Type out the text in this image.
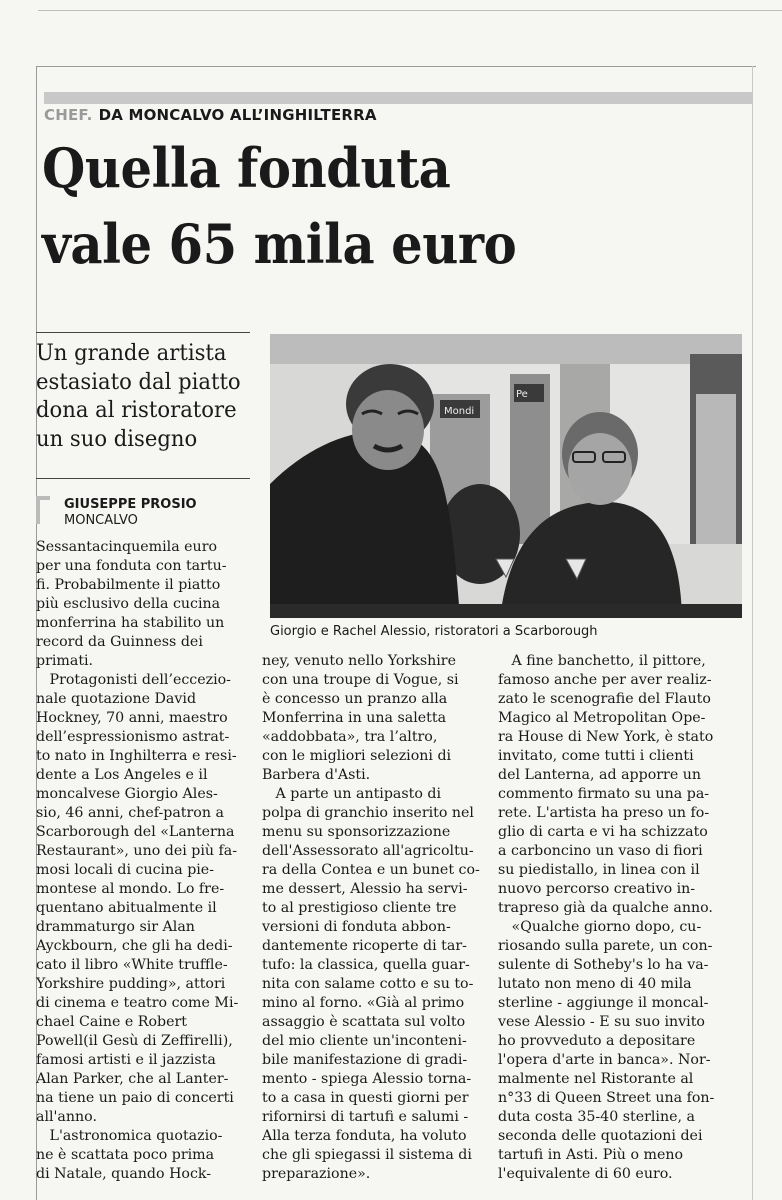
CHEF. DA MONCALVO ALL’INGHILTERRA
Quella fonduta
vale 65 mila euro
Un grande artista
estasiato dal piatto
dona al ristoratore
un suo disegno
GIUSEPPE PROSIO
MONCALVO
Mondi
Pe
Giorgio e Rachel Alessio, ristoratori a Scarborough

Sessantacinquemila euro

per una fonduta con tartu-

fi. Probabilmente il piatto

più esclusivo della cucina

monferrina ha stabilito un

record da Guinness dei

primati.

Protagonisti dell’ecceziο-

nale quotazione David

Hockney, 70 anni, maestro

dell’espressionismo astrat-

to nato in Inghilterra e resi-

dente a Los Angeles e il

moncalvese Giorgio Ales-

sio, 46 anni, chef-patron a

Scarborough del «Lanterna

Restaurant», uno dei più fa-

mosi locali di cucina pie-

montese al mondo. Lo fre-

quentano abitualmente il

drammaturgo sir Alan

Ayckbourn, che gli ha dedi-

cato il libro «White truffle-

Yorkshire pudding», attori

di cinema e teatro come Mi-

chael Caine e Robert

Powell(il Gesù di Zeffirelli),

famosi artisti e il jazzista

Alan Parker, che al Lanter-

na tiene un paio di concerti

all'anno.

L'astronomica quotazio-

ne è scattata poco prima

di Natale, quando Hock-

ney, venuto nello Yorkshire

con una troupe di Vogue, si

è concesso un pranzo alla

Monferrina in una saletta

«addobbata», tra l’altro,

con le migliori selezioni di

Barbera d'Asti.

A parte un antipasto di

polpa di granchio inserito nel

menu su sponsorizzazione

dell'Assessorato all'agricoltu-

ra della Contea e un bunet co-

me dessert, Alessio ha servi-

to al prestigioso cliente tre

versioni di fonduta abbon-

dantemente ricoperte di tar-

tufo: la classica, quella guar-

nita con salame cotto e su to-

mino al forno. «Già al primo

assaggio è scattata sul volto

del mio cliente un'inconteni-

bile manifestazione di gradi-

mento - spiega Alessio torna-

to a casa in questi giorni per

rifornirsi di tartufi e salumi -

Alla terza fonduta, ha voluto

che gli spiegassi il sistema di

preparazione».

A fine banchetto, il pittore,

famoso anche per aver realiz-

zato le scenografie del Flauto

Magico al Metropolitan Ope-

ra House di New York, è stato

invitato, come tutti i clienti

del Lanterna, ad apporre un

commento firmato su una pa-

rete. L'artista ha preso un fo-

glio di carta e vi ha schizzato

a carboncino un vaso di fiori

su piedistallo, in linea con il

nuovo percorso creativo in-

trapreso già da qualche anno.

«Qualche giorno dopo, cu-

riosando sulla parete, un con-

sulente di Sotheby's lo ha va-

lutato non meno di 40 mila

sterline - aggiunge il moncal-

vese Alessio - E su suo invito

ho provveduto a depositare

l'opera d'arte in banca». Nor-

malmente nel Ristorante al

n°33 di Queen Street una fon-

duta costa 35-40 sterline, a

seconda delle quotazioni dei

tartufi in Asti. Più o meno

l'equivalente di 60 euro.
